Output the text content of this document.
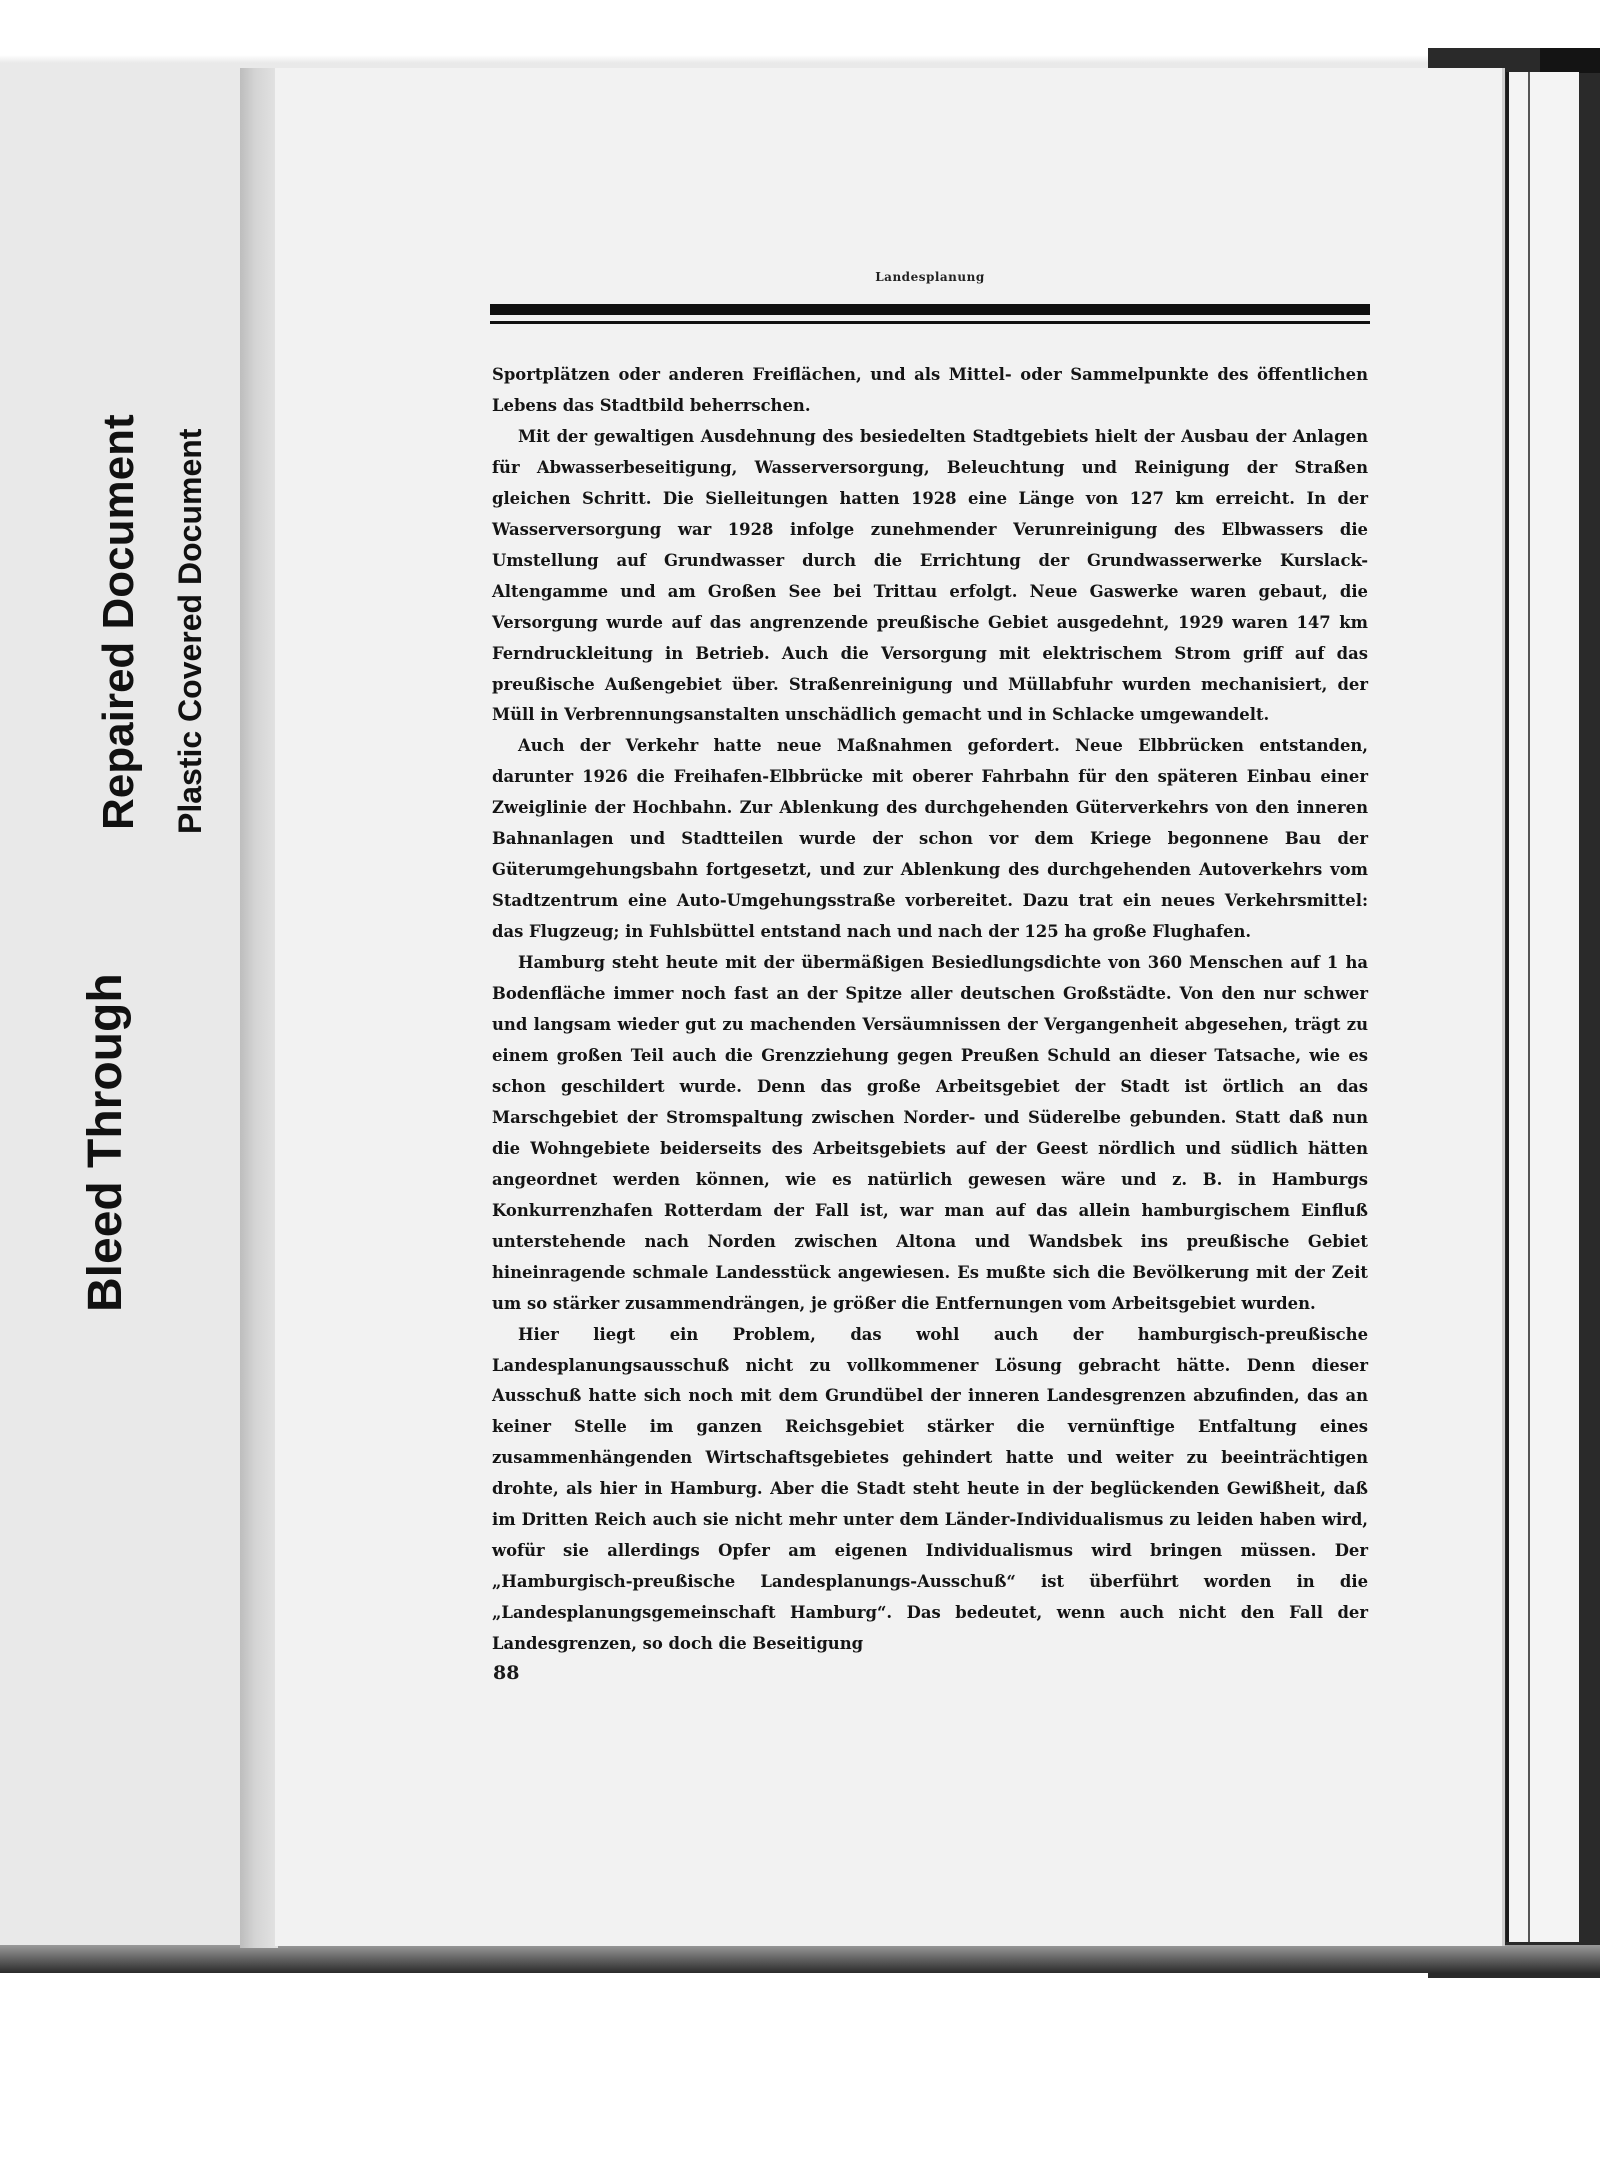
Bleed Through
Repaired Document Plastic Covered Document
Landesplanung

Sportplätzen oder anderen Freiflächen, und als Mittel- oder Sammelpunkte des öffentlichen Lebens das Stadtbild beherrschen.

Mit der gewaltigen Ausdehnung des besiedelten Stadtgebiets hielt der Ausbau der Anlagen für Abwasserbeseitigung, Wasserversorgung, Beleuchtung und Reinigung der Straßen gleichen Schritt. Die Sielleitungen hatten 1928 eine Länge von 127 km erreicht. In der Wasserversorgung war 1928 infolge zunehmender Verunreinigung des Elbwassers die Umstellung auf Grundwasser durch die Errichtung der Grundwasserwerke Kurslack-Altengamme und am Großen See bei Trittau erfolgt. Neue Gaswerke waren gebaut, die Versorgung wurde auf das angrenzende preußische Gebiet ausgedehnt, 1929 waren 147 km Ferndruckleitung in Betrieb. Auch die Versorgung mit elektrischem Strom griff auf das preußische Außengebiet über. Straßenreinigung und Müllabfuhr wurden mechanisiert, der Müll in Verbrennungsanstalten unschädlich gemacht und in Schlacke umgewandelt.

Auch der Verkehr hatte neue Maßnahmen gefordert. Neue Elbbrücken entstanden, darunter 1926 die Freihafen-Elbbrücke mit oberer Fahrbahn für den späteren Einbau einer Zweiglinie der Hochbahn. Zur Ablenkung des durchgehenden Güterverkehrs von den inneren Bahnanlagen und Stadtteilen wurde der schon vor dem Kriege begonnene Bau der Güterumgehungsbahn fortgesetzt, und zur Ablenkung des durchgehenden Autoverkehrs vom Stadtzentrum eine Auto-Umgehungsstraße vorbereitet. Dazu trat ein neues Verkehrsmittel: das Flugzeug; in Fuhlsbüttel entstand nach und nach der 125 ha große Flughafen.

Hamburg steht heute mit der übermäßigen Besiedlungsdichte von 360 Menschen auf 1 ha Bodenfläche immer noch fast an der Spitze aller deutschen Großstädte. Von den nur schwer und langsam wieder gut zu machenden Versäumnissen der Vergangenheit abgesehen, trägt zu einem großen Teil auch die Grenzziehung gegen Preußen Schuld an dieser Tatsache, wie es schon geschildert wurde. Denn das große Arbeitsgebiet der Stadt ist örtlich an das Marschgebiet der Stromspaltung zwischen Norder- und Süderelbe gebunden. Statt daß nun die Wohngebiete beiderseits des Arbeitsgebiets auf der Geest nördlich und südlich hätten angeordnet werden können, wie es natürlich gewesen wäre und z. B. in Hamburgs Konkurrenzhafen Rotterdam der Fall ist, war man auf das allein hamburgischem Einfluß unterstehende nach Norden zwischen Altona und Wandsbek ins preußische Gebiet hineinragende schmale Landesstück angewiesen. Es mußte sich die Bevölkerung mit der Zeit um so stärker zusammendrängen, je größer die Entfernungen vom Arbeitsgebiet wurden.

Hier liegt ein Problem, das wohl auch der hamburgisch-preußische Landesplanungsausschuß nicht zu vollkommener Lösung gebracht hätte. Denn dieser Ausschuß hatte sich noch mit dem Grundübel der inneren Landesgrenzen abzufinden, das an keiner Stelle im ganzen Reichsgebiet stärker die vernünftige Entfaltung eines zusammenhängenden Wirtschaftsgebietes gehindert hatte und weiter zu beeinträchtigen drohte, als hier in Hamburg. Aber die Stadt steht heute in der beglückenden Gewißheit, daß im Dritten Reich auch sie nicht mehr unter dem Länder-Individualismus zu leiden haben wird, wofür sie allerdings Opfer am eigenen Individualismus wird bringen müssen. Der „Hamburgisch-preußische Landesplanungs-Ausschuß“ ist überführt worden in die „Landesplanungsgemeinschaft Hamburg“. Das bedeutet, wenn auch nicht den Fall der Landesgrenzen, so doch die Beseitigung

88
